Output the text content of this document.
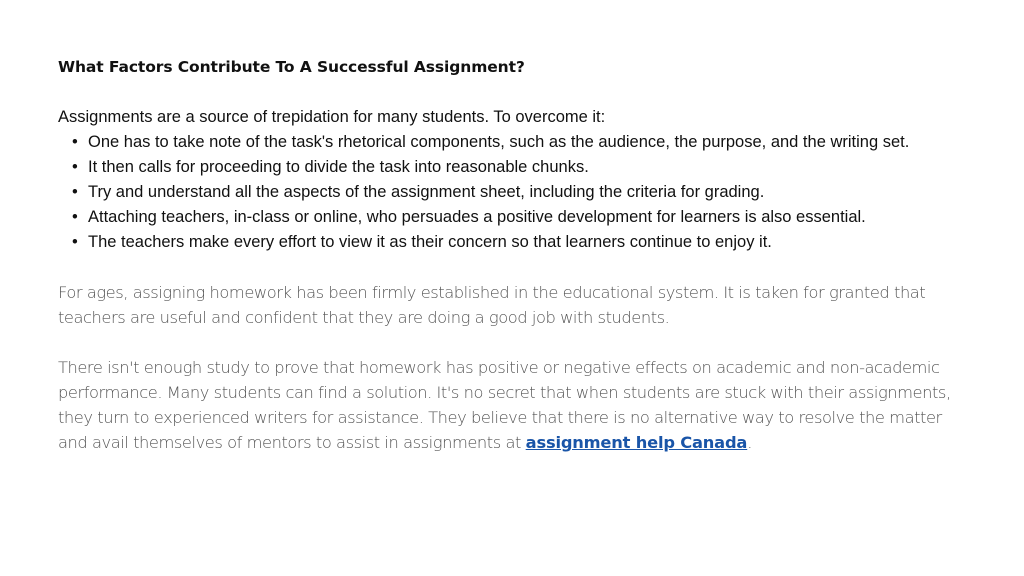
What Factors Contribute To A Successful Assignment?

Assignments are a source of trepidation for many students. To overcome it:

• One has to take note of the task's rhetorical components, such as the audience, the purpose, and the writing set.
• It then calls for proceeding to divide the task into reasonable chunks.
• Try and understand all the aspects of the assignment sheet, including the criteria for grading.
• Attaching teachers, in-class or online, who persuades a positive development for learners is also essential.
• The teachers make every effort to view it as their concern so that learners continue to enjoy it.

For ages, assigning homework has been firmly established in the educational system. It is taken for granted that teachers are useful and confident that they are doing a good job with students.

There isn't enough study to prove that homework has positive or negative effects on academic and non-academic performance. Many students can find a solution. It's no secret that when students are stuck with their assignments, they turn to experienced writers for assistance. They believe that there is no alternative way to resolve the matter and avail themselves of mentors to assist in assignments at assignment help Canada.
